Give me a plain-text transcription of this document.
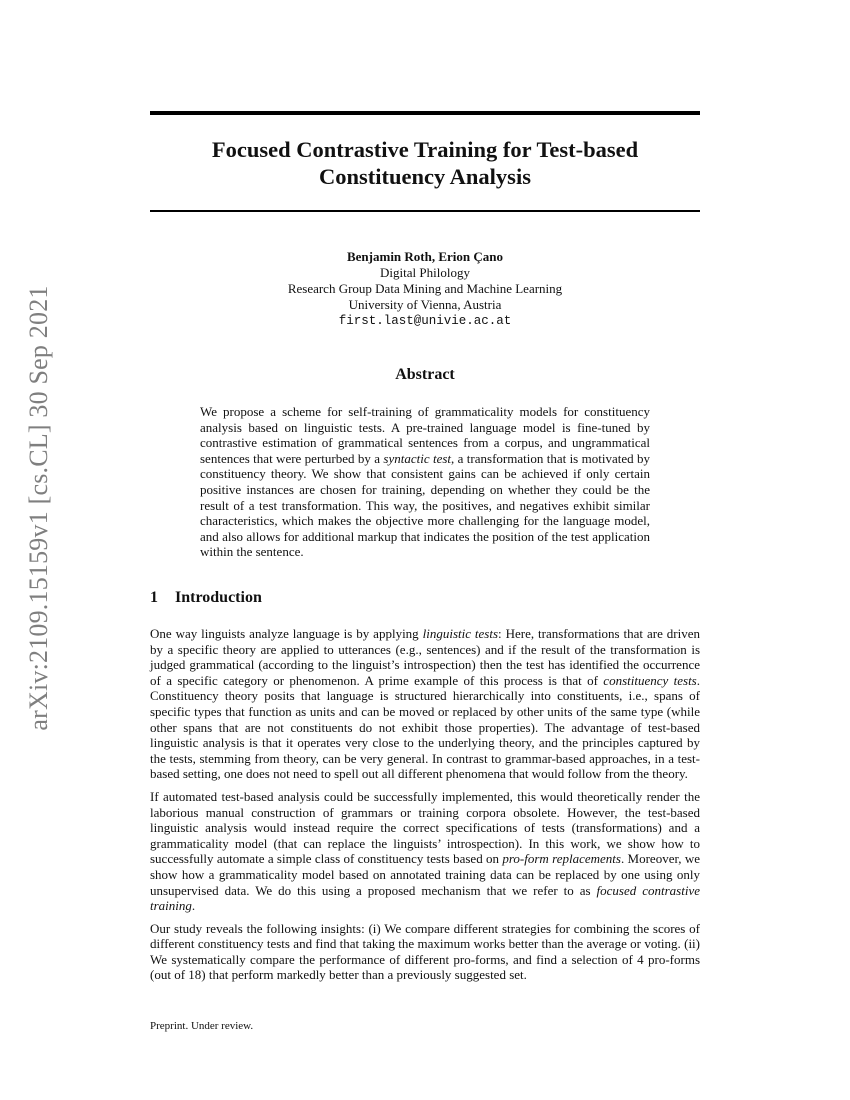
arXiv:2109.15159v1 [cs.CL] 30 Sep 2021
Focused Contrastive Training for Test-based Constituency Analysis
Benjamin Roth, Erion Çano
Digital Philology
Research Group Data Mining and Machine Learning
University of Vienna, Austria
first.last@univie.ac.at
Abstract

We propose a scheme for self-training of grammaticality models for constituency analysis based on linguistic tests. A pre-trained language model is fine-tuned by contrastive estimation of grammatical sentences from a corpus, and ungrammatical sentences that were perturbed by a syntactic test, a transformation that is motivated by constituency theory. We show that consistent gains can be achieved if only certain positive instances are chosen for training, depending on whether they could be the result of a test transformation. This way, the positives, and negatives exhibit similar characteristics, which makes the objective more challenging for the language model, and also allows for additional markup that indicates the position of the test application within the sentence.

1 Introduction

One way linguists analyze language is by applying linguistic tests: Here, transformations that are driven by a specific theory are applied to utterances (e.g., sentences) and if the result of the transformation is judged grammatical (according to the linguist’s introspection) then the test has identified the occurrence of a specific category or phenomenon. A prime example of this process is that of constituency tests. Constituency theory posits that language is structured hierarchically into constituents, i.e., spans of specific types that function as units and can be moved or replaced by other units of the same type (while other spans that are not constituents do not exhibit those properties). The advantage of test-based linguistic analysis is that it operates very close to the underlying theory, and the principles captured by the tests, stemming from theory, can be very general. In contrast to grammar-based approaches, in a test-based setting, one does not need to spell out all different phenomena that would follow from the theory.

If automated test-based analysis could be successfully implemented, this would theoretically render the laborious manual construction of grammars or training corpora obsolete. However, the test-based linguistic analysis would instead require the correct specifications of tests (transformations) and a grammaticality model (that can replace the linguists’ introspection). In this work, we show how to successfully automate a simple class of constituency tests based on pro-form replacements. Moreover, we show how a grammaticality model based on annotated training data can be replaced by one using only unsupervised data. We do this using a proposed mechanism that we refer to as focused contrastive training.

Our study reveals the following insights: (i) We compare different strategies for combining the scores of different constituency tests and find that taking the maximum works better than the average or voting. (ii) We systematically compare the performance of different pro-forms, and find a selection of 4 pro-forms (out of 18) that perform markedly better than a previously suggested set.

Preprint. Under review.
